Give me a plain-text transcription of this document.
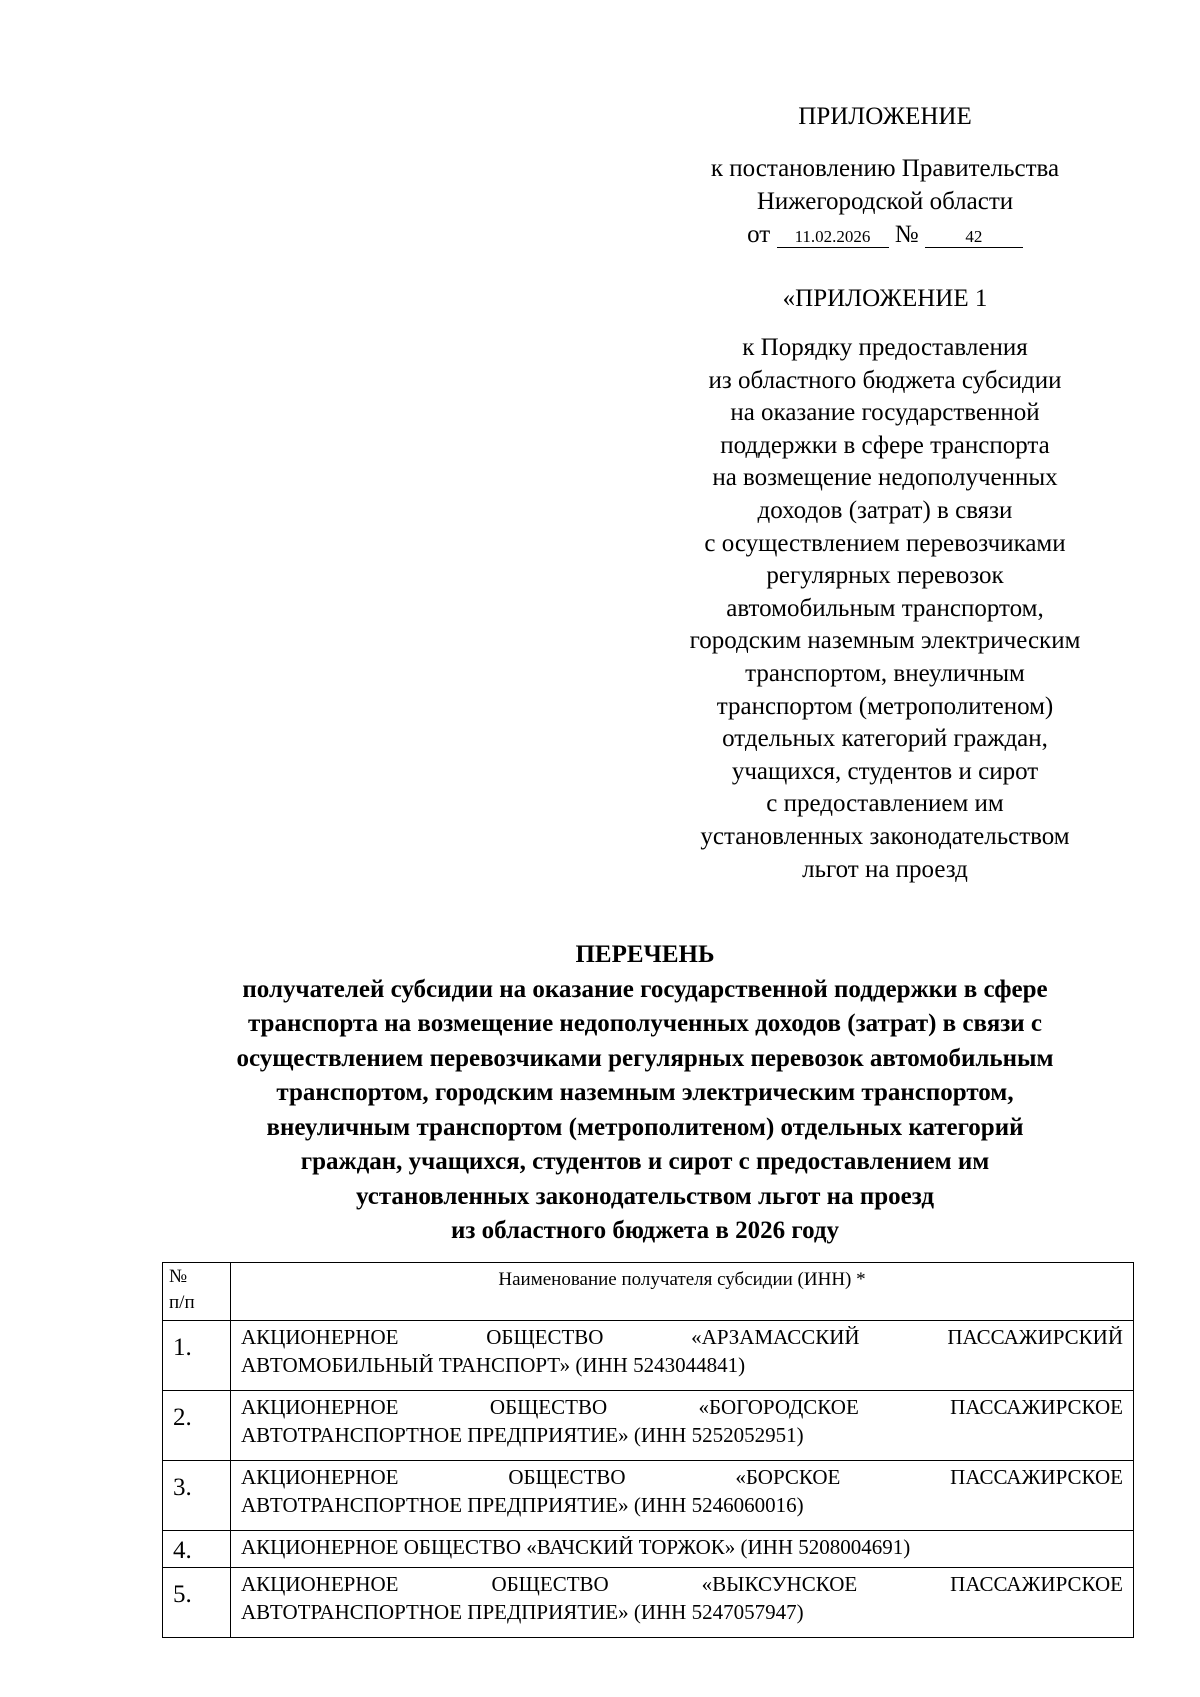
ПРИЛОЖЕНИЕ
к постановлению Правительства
Нижегородской области
от 11.02.2026 №	42
«ПРИЛОЖЕНИЕ 1
к Порядку предоставления
из областного бюджета субсидии
на оказание государственной
поддержки в сфере транспорта
на возмещение недополученных
доходов (затрат) в связи
с осуществлением перевозчиками
регулярных перевозок
автомобильным транспортом,
городским наземным электрическим
транспортом, внеуличным
транспортом (метрополитеном)
отдельных категорий граждан,
учащихся, студентов и сирот
с предоставлением им
установленных законодательством
льгот на проезд
ПЕРЕЧЕНЬ
получателей субсидии на оказание государственной поддержки в сфере
транспорта на возмещение недополученных доходов (затрат) в связи с
осуществлением перевозчиками регулярных перевозок автомобильным
транспортом, городским наземным электрическим транспортом,
внеуличным транспортом (метрополитеном) отдельных категорий
граждан, учащихся, студентов и сирот с предоставлением им
установленных законодательством льгот на проезд
из областного бюджета в 2026 году
№
п/п	Наименование получателя субсидии (ИНН) *
1.	АКЦИОНЕРНОЕ ОБЩЕСТВО «АРЗАМАССКИЙ ПАССАЖИРСКИЙ
АВТОМОБИЛЬНЫЙ ТРАНСПОРТ» (ИНН 5243044841)

2.	АКЦИОНЕРНОЕ ОБЩЕСТВО «БОГОРОДСКОЕ ПАССАЖИРСКОЕ
АВТОТРАНСПОРТНОЕ ПРЕДПРИЯТИЕ» (ИНН 5252052951)

3.	АКЦИОНЕРНОЕ ОБЩЕСТВО «БОРСКОЕ ПАССАЖИРСКОЕ
АВТОТРАНСПОРТНОЕ ПРЕДПРИЯТИЕ» (ИНН 5246060016)

4.	АКЦИОНЕРНОЕ ОБЩЕСТВО «ВАЧСКИЙ ТОРЖОК» (ИНН 5208004691)

5.	АКЦИОНЕРНОЕ ОБЩЕСТВО «ВЫКСУНСКОЕ ПАССАЖИРСКОЕ
АВТОТРАНСПОРТНОЕ ПРЕДПРИЯТИЕ» (ИНН 5247057947)
